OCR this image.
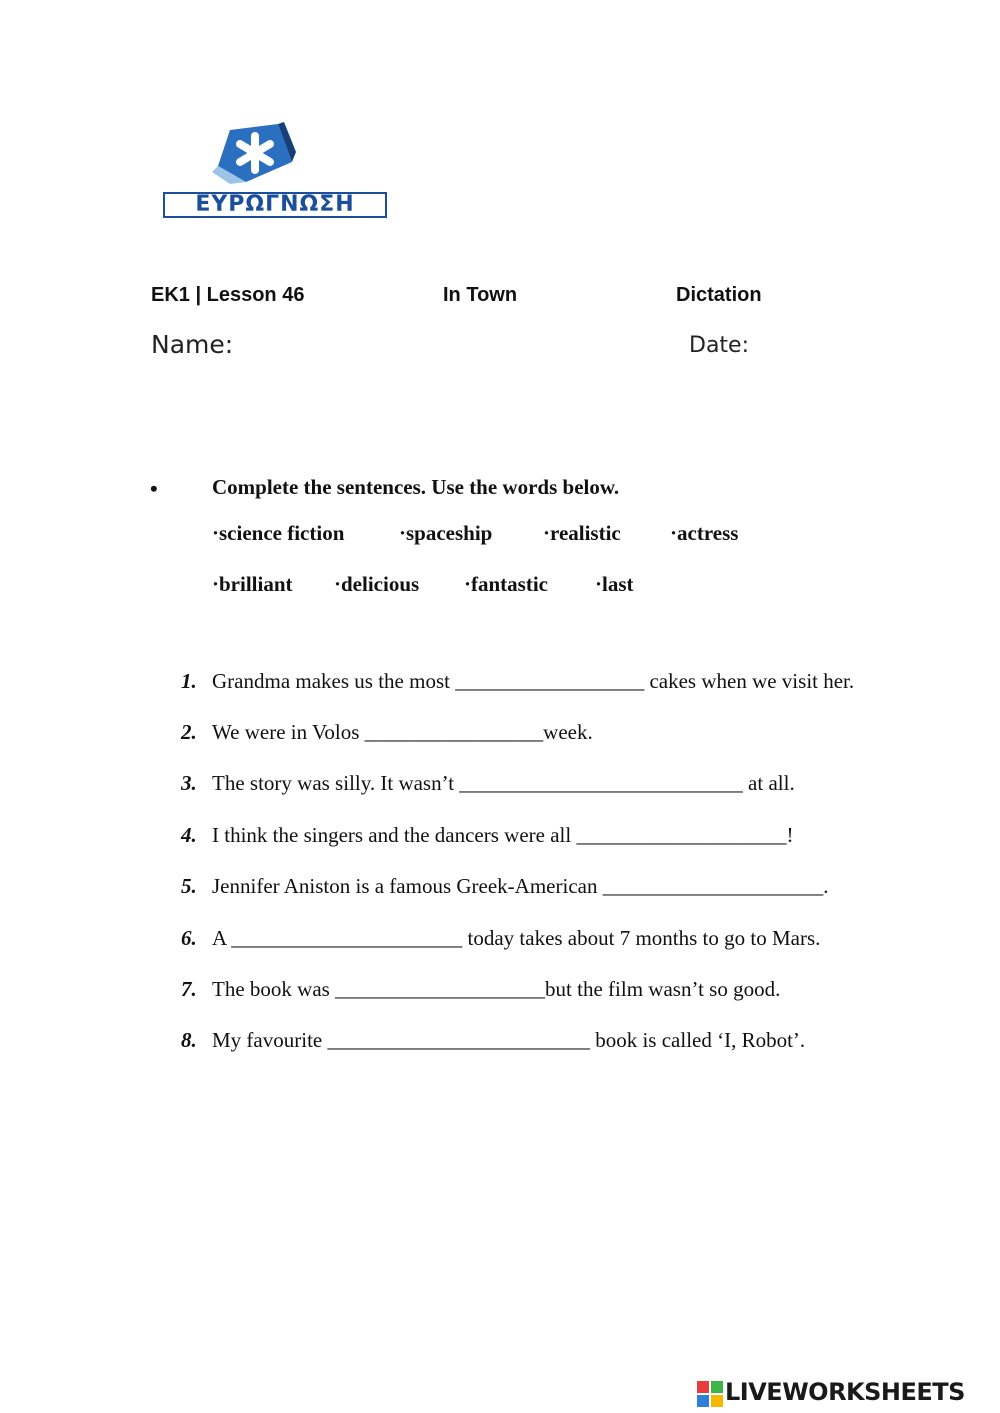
ΕΥΡΩΓΝΩΣΗ
EK1 | Lesson 46	In Town	Dictation
Name:	Date:
•	Complete the sentences. Use the words below.
·science fiction	·spaceship ·realistic ·actress
·brilliant ·delicious ·fantastic ·last
1. Grandma makes us the most __________________ cakes when we visit her.
2. We were in Volos _________________week.
3. The story was silly. It wasn’t ___________________________ at all.
4. I think the singers and the dancers were all ____________________!
5. Jennifer Aniston is a famous Greek-American _____________________.
6. A ______________________ today takes about 7 months to go to Mars.
7. The book was ____________________but the film wasn’t so good.
8. My favourite _________________________ book is called ‘I, Robot’.
LIVEWORKSHEETS
